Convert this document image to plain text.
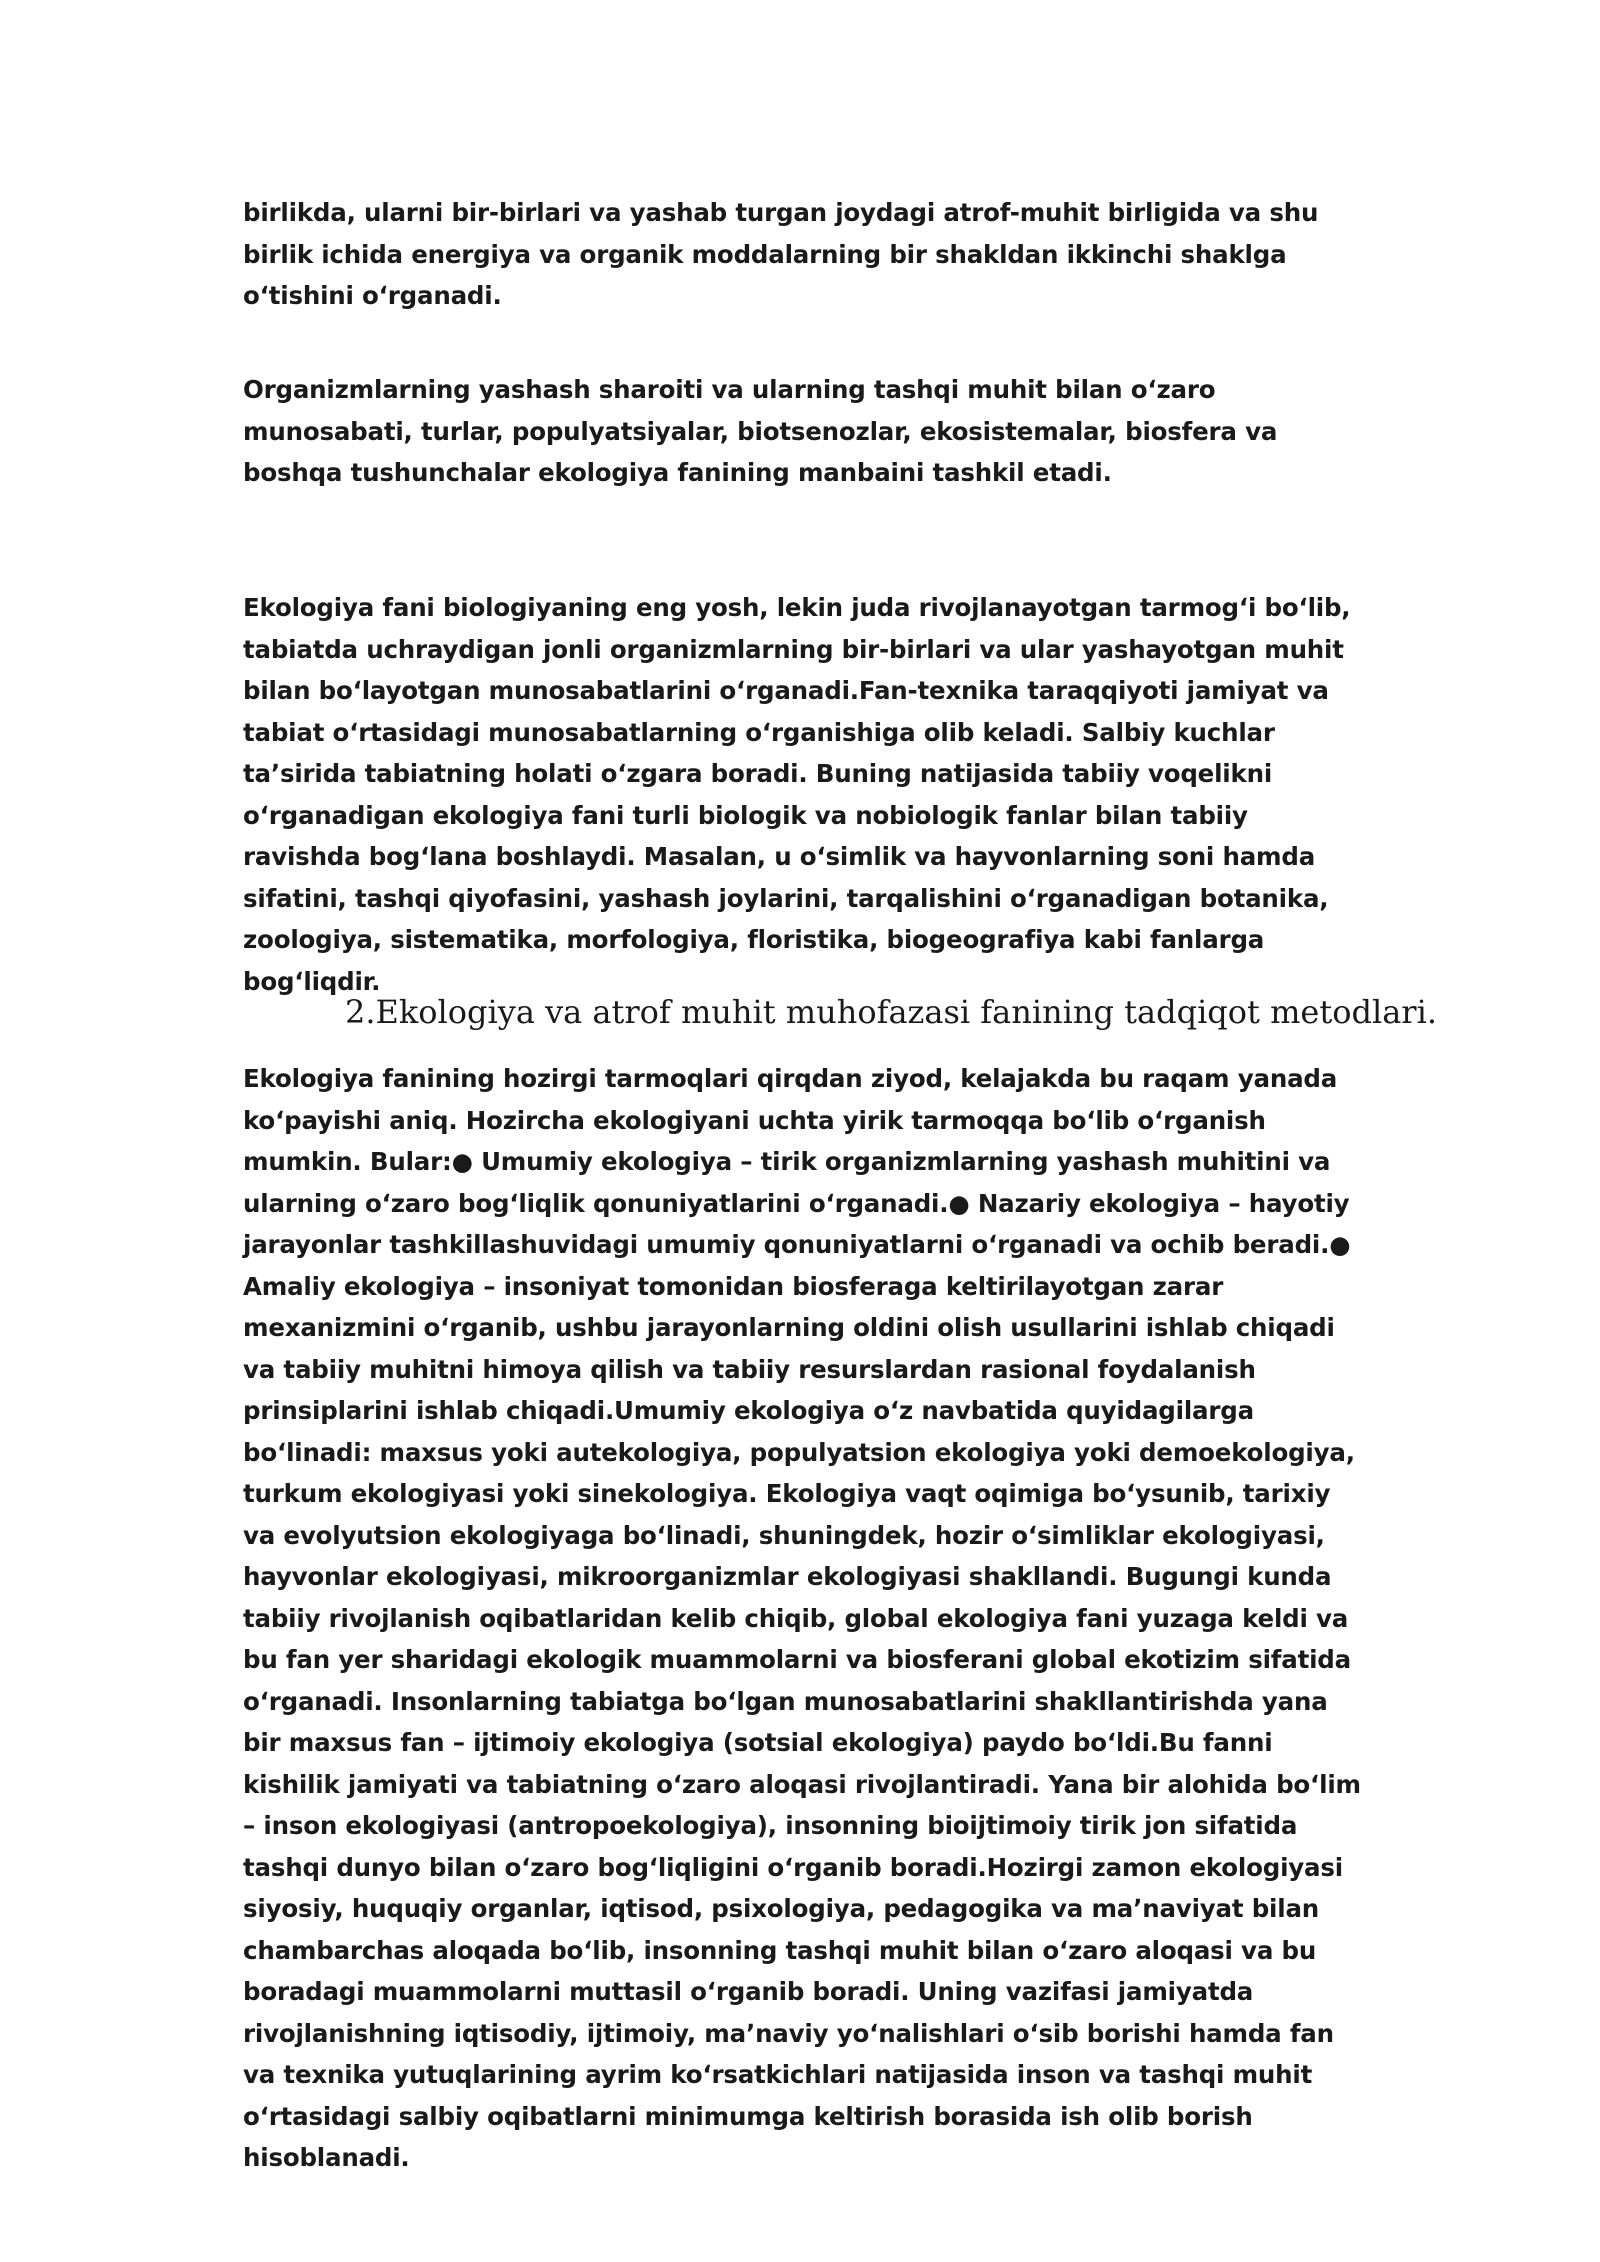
birlikda, ularni bir-birlari va yashab turgan joydagi atrof-muhit birligida va shu birlik ichida energiya va organik moddalarning bir shakldan ikkinchi shaklga oʻtishini oʻrganadi.

Organizmlarning yashash sharoiti va ularning tashqi muhit bilan oʻzaro munosabati, turlar, populyatsiyalar, biotsenozlar, ekosistemalar, biosfera va boshqa tushunchalar ekologiya fanining manbaini tashkil etadi.

Ekologiya fani biologiyaning eng yosh, lekin juda rivojlanayotgan tarmogʻi boʻlib, tabiatda uchraydigan jonli organizmlarning bir-birlari va ular yashayotgan muhit bilan boʻlayotgan munosabatlarini oʻrganadi.Fan-texnika taraqqiyoti jamiyat va tabiat oʻrtasidagi munosabatlarning oʻrganishiga olib keladi. Salbiy kuchlar taʼsirida tabiatning holati oʻzgara boradi. Buning natijasida tabiiy voqelikni oʻrganadigan ekologiya fani turli biologik va nobiologik fanlar bilan tabiiy ravishda bogʻlana boshlaydi. Masalan, u oʻsimlik va hayvonlarning soni hamda sifatini, tashqi qiyofasini, yashash joylarini, tarqalishini oʻrganadigan botanika, zoologiya, sistematika, morfologiya, floristika, biogeografiya kabi fanlarga bogʻliqdir.

2.Ekologiya va atrof muhit muhofazasi fanining tadqiqot metodlari.

Ekologiya fanining hozirgi tarmoqlari qirqdan ziyod, kelajakda bu raqam yanada koʻpayishi aniq. Hozircha ekologiyani uchta yirik tarmoqqa boʻlib oʻrganish mumkin. Bular:● Umumiy ekologiya – tirik organizmlarning yashash muhitini va ularning oʻzaro bogʻliqlik qonuniyatlarini oʻrganadi.● Nazariy ekologiya – hayotiy jarayonlar tashkillashuvidagi umumiy qonuniyatlarni oʻrganadi va ochib beradi.● Amaliy ekologiya – insoniyat tomonidan biosferaga keltirilayotgan zarar mexanizmini oʻrganib, ushbu jarayonlarning oldini olish usullarini ishlab chiqadi va tabiiy muhitni himoya qilish va tabiiy resurslardan rasional foydalanish prinsiplarini ishlab chiqadi.Umumiy ekologiya oʻz navbatida quyidagilarga boʻlinadi: maxsus yoki autekologiya, populyatsion ekologiya yoki demoekologiya, turkum ekologiyasi yoki sinekologiya. Ekologiya vaqt oqimiga boʻysunib, tarixiy va evolyutsion ekologiyaga boʻlinadi, shuningdek, hozir oʻsimliklar ekologiyasi, hayvonlar ekologiyasi, mikroorganizmlar ekologiyasi shakllandi. Bugungi kunda tabiiy rivojlanish oqibatlaridan kelib chiqib, global ekologiya fani yuzaga keldi va bu fan yer sharidagi ekologik muammolarni va biosferani global ekotizim sifatida oʻrganadi. Insonlarning tabiatga boʻlgan munosabatlarini shakllantirishda yana bir maxsus fan – ijtimoiy ekologiya (sotsial ekologiya) paydo boʻldi.Bu fanni kishilik jamiyati va tabiatning oʻzaro aloqasi rivojlantiradi. Yana bir alohida boʻlim – inson ekologiyasi (antropoekologiya), insonning bioijtimoiy tirik jon sifatida tashqi dunyo bilan oʻzaro bogʻliqligini oʻrganib boradi.Hozirgi zamon ekologiyasi siyosiy, huquqiy organlar, iqtisod, psixologiya, pedagogika va maʼnaviyat bilan chambarchas aloqada boʻlib, insonning tashqi muhit bilan oʻzaro aloqasi va bu boradagi muammolarni muttasil oʻrganib boradi. Uning vazifasi jamiyatda rivojlanishning iqtisodiy, ijtimoiy, maʼnaviy yoʻnalishlari oʻsib borishi hamda fan va texnika yutuqlarining ayrim koʻrsatkichlari natijasida inson va tashqi muhit oʻrtasidagi salbiy oqibatlarni minimumga keltirish borasida ish olib borish hisoblanadi.
